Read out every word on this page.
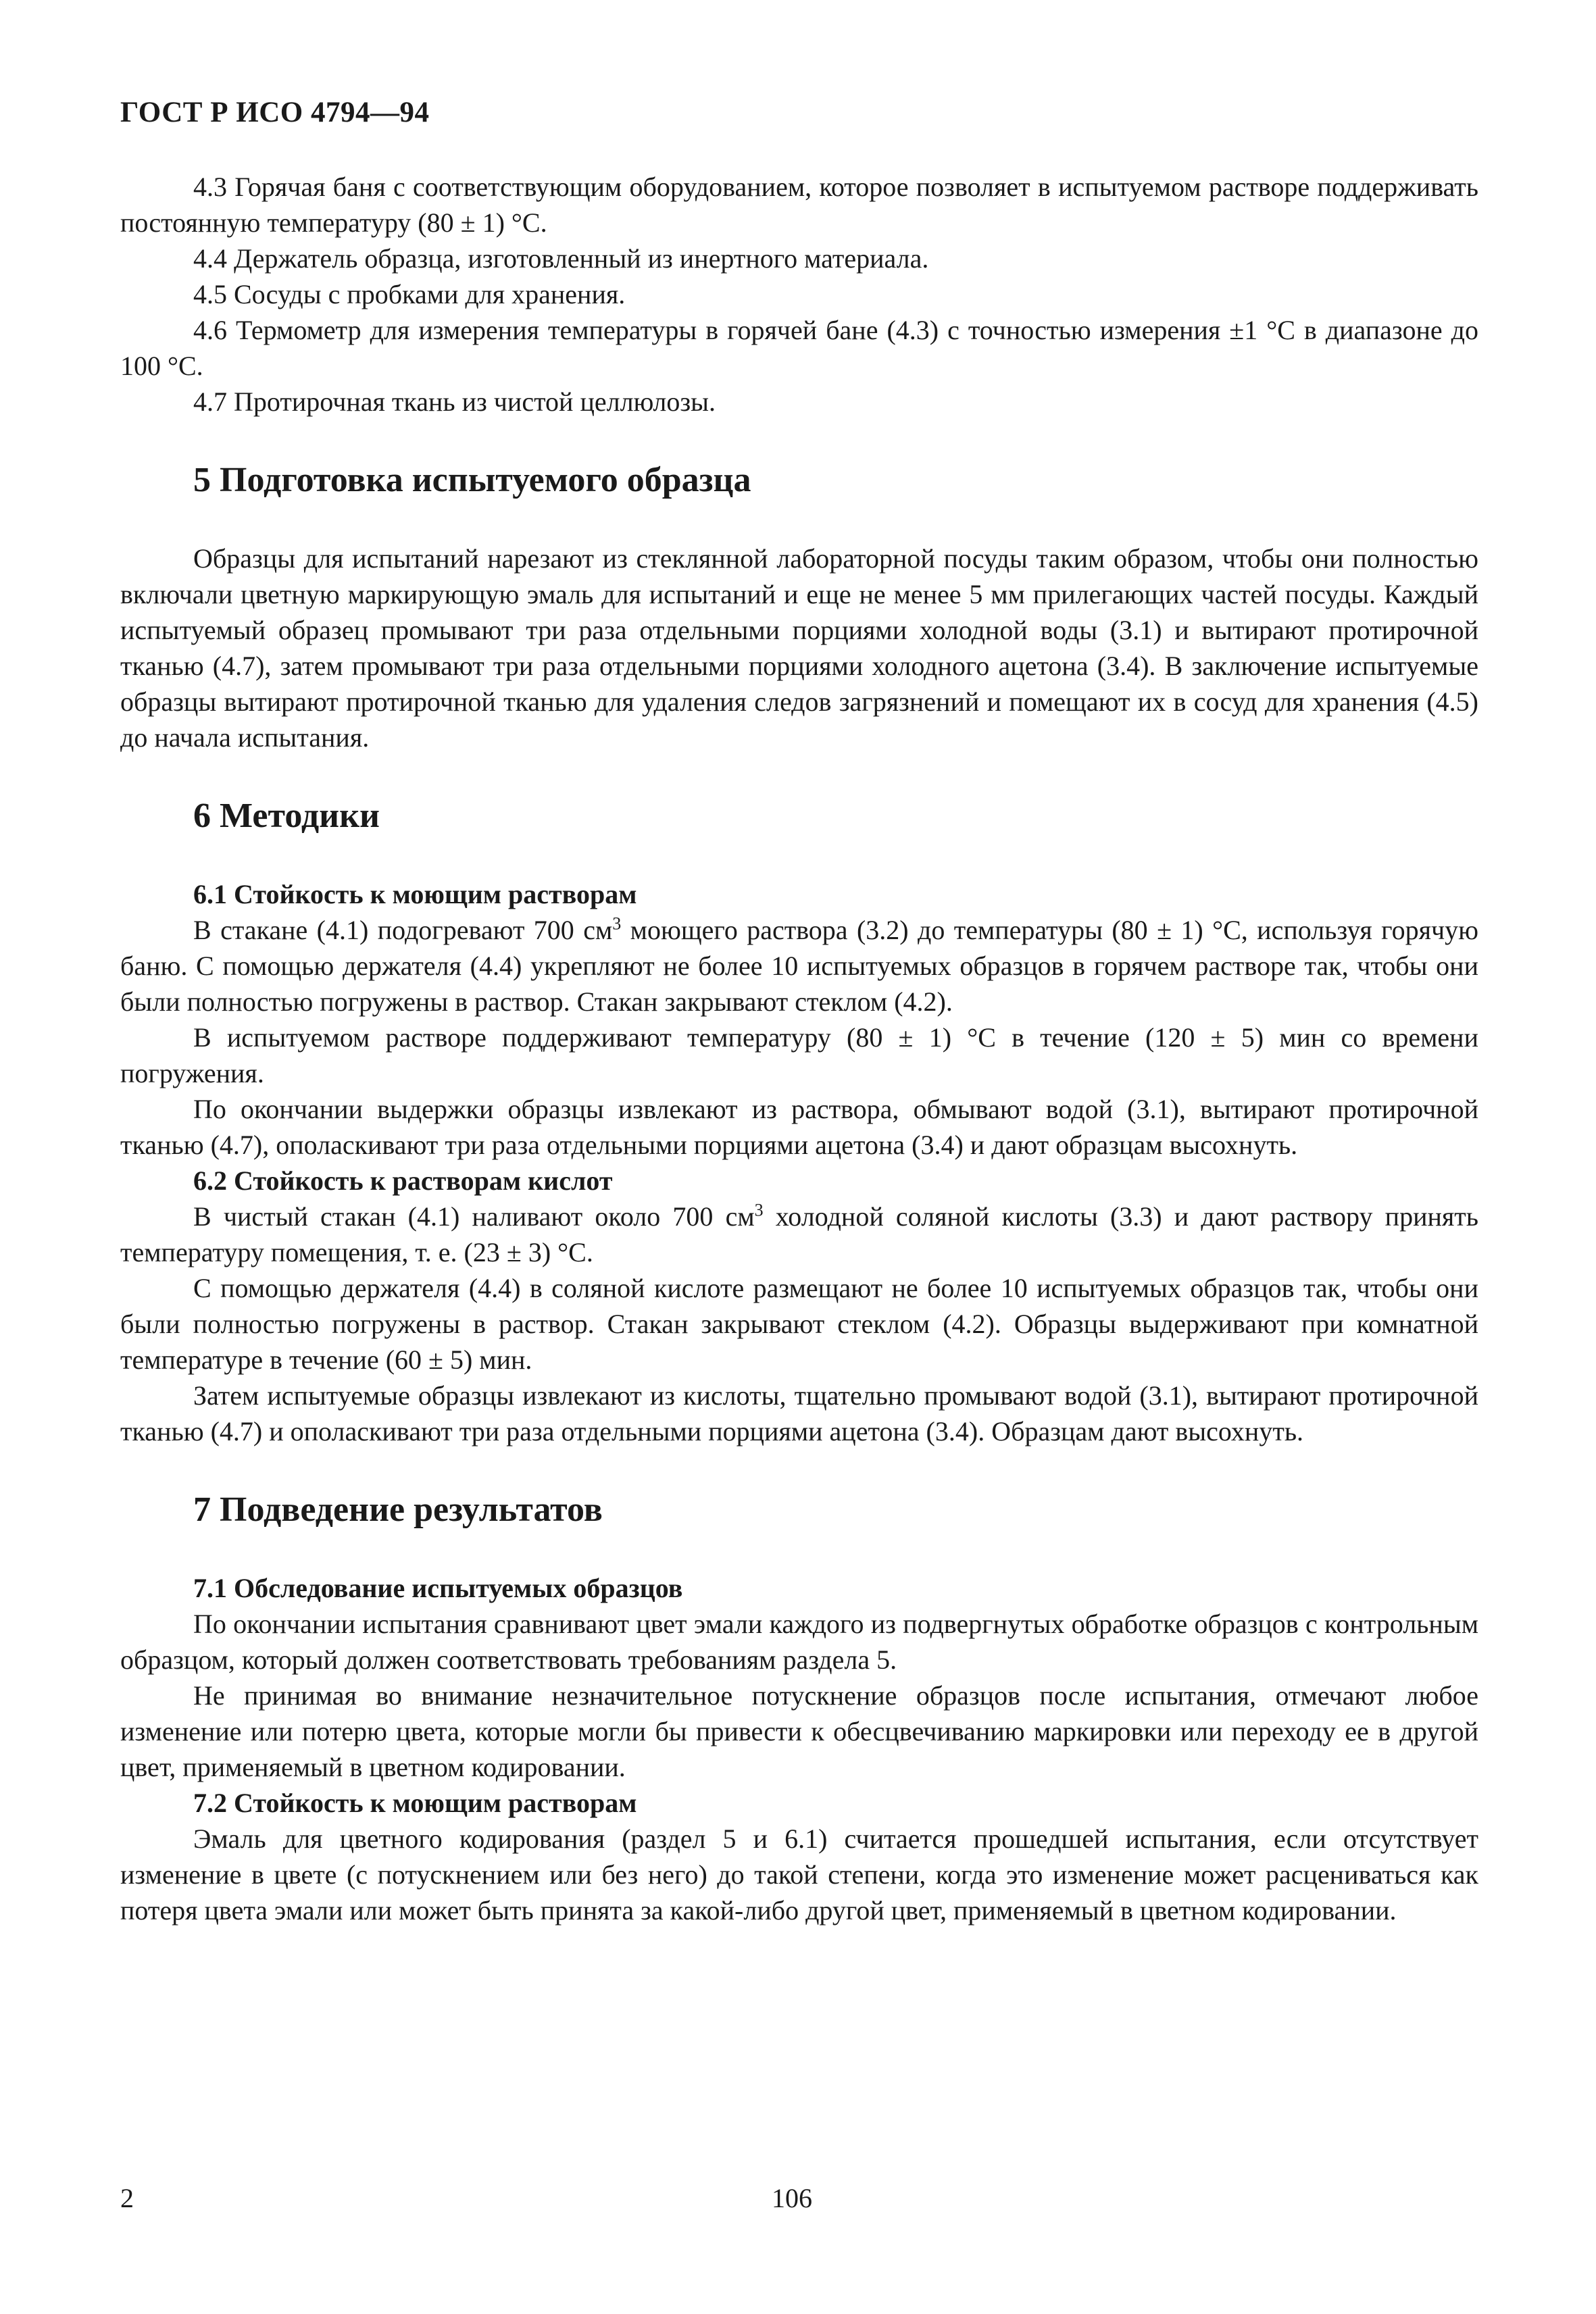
ГОСТ Р ИСО 4794—94

4.3 Горячая баня с соответствующим оборудованием, которое позволяет в испытуемом растворе поддерживать постоянную температуру (80 ± 1) °С.

4.4 Держатель образца, изготовленный из инертного материала.

4.5 Сосуды с пробками для хранения.

4.6 Термометр для измерения температуры в горячей бане (4.3) с точностью измерения ±1 °С в диапазоне до 100 °С.

4.7 Протирочная ткань из чистой целлюлозы.

5 Подготовка испытуемого образца

Образцы для испытаний нарезают из стеклянной лабораторной посуды таким образом, чтобы они полностью включали цветную маркирующую эмаль для испытаний и еще не менее 5 мм прилегающих частей посуды. Каждый испытуемый образец промывают три раза отдельными порциями холодной воды (3.1) и вытирают протирочной тканью (4.7), затем промывают три раза отдельными порциями холодного ацетона (3.4). В заключение испытуемые образцы вытирают протирочной тканью для удаления следов загрязнений и помещают их в сосуд для хранения (4.5) до начала испытания.

6 Методики
6.1 Стойкость к моющим растворам

В стакане (4.1) подогревают 700 $см^3$ моющего раствора (3.2) до температуры (80 ± 1) °С, используя горячую баню. С помощью держателя (4.4) укрепляют не более 10 испытуемых образцов в горячем растворе так, чтобы они были полностью погружены в раствор. Стакан закрывают стеклом (4.2).

В испытуемом растворе поддерживают температуру (80 ± 1) °С в течение (120 ± 5) мин со времени погружения.

По окончании выдержки образцы извлекают из раствора, обмывают водой (3.1), вытирают протирочной тканью (4.7), ополаскивают три раза отдельными порциями ацетона (3.4) и дают образцам высохнуть.

6.2 Стойкость к растворам кислот

В чистый стакан (4.1) наливают около 700 $см^3$ холодной соляной кислоты (3.3) и дают раствору принять температуру помещения, т. е. (23 ± 3) °С.

С помощью держателя (4.4) в соляной кислоте размещают не более 10 испытуемых образцов так, чтобы они были полностью погружены в раствор. Стакан закрывают стеклом (4.2). Образцы выдерживают при комнатной температуре в течение (60 ± 5) мин.

Затем испытуемые образцы извлекают из кислоты, тщательно промывают водой (3.1), вытирают протирочной тканью (4.7) и ополаскивают три раза отдельными порциями ацетона (3.4). Образцам дают высохнуть.

7 Подведение результатов
7.1 Обследование испытуемых образцов

По окончании испытания сравнивают цвет эмали каждого из подвергнутых обработке образцов с контрольным образцом, который должен соответствовать требованиям раздела 5.

Не принимая во внимание незначительное потускнение образцов после испытания, отмечают любое изменение или потерю цвета, которые могли бы привести к обесцвечиванию маркировки или переходу ее в другой цвет, применяемый в цветном кодировании.

7.2 Стойкость к моющим растворам

Эмаль для цветного кодирования (раздел 5 и 6.1) считается прошедшей испытания, если отсутствует изменение в цвете (с потускнением или без него) до такой степени, когда это изменение может расцениваться как потеря цвета эмали или может быть принята за какой-либо другой цвет, применяемый в цветном кодировании.

2	106
